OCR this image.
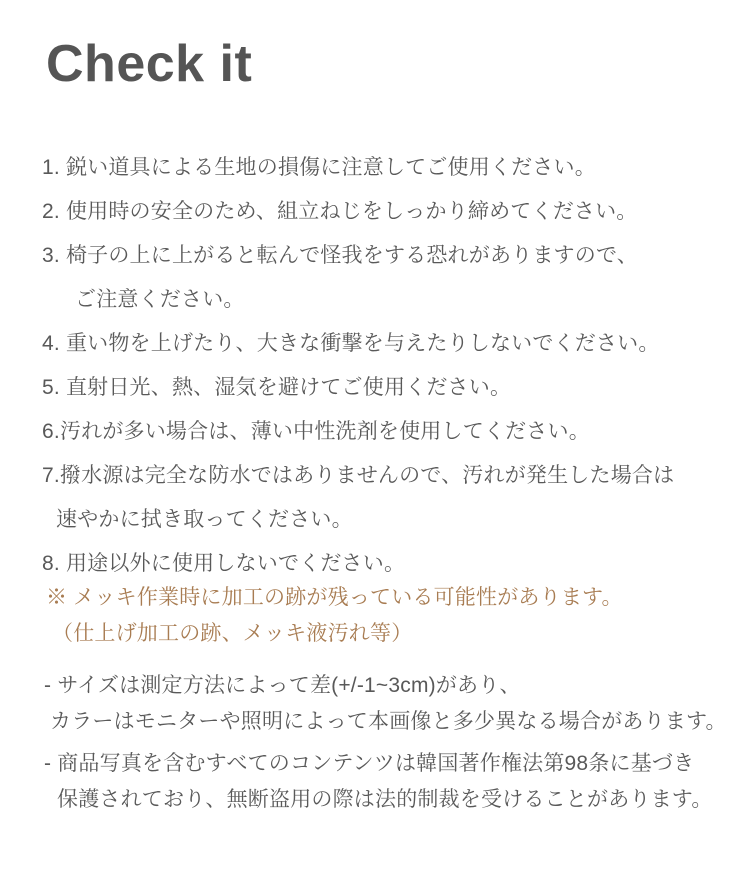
Check it
1. 鋭い道具による生地の損傷に注意してご使用ください。
2. 使用時の安全のため、組立ねじをしっかり締めてください。
3. 椅子の上に上がると転んで怪我をする恐れがありますので、
ご注意ください。
4. 重い物を上げたり、大きな衝撃を与えたりしないでください。
5. 直射日光、熱、湿気を避けてご使用ください。
6.汚れが多い場合は、薄い中性洗剤を使用してください。
7.撥水源は完全な防水ではありませんので、汚れが発生した場合は
速やかに拭き取ってください。
8. 用途以外に使用しないでください。
※ メッキ作業時に加工の跡が残っている可能性があります。
（仕上げ加工の跡、メッキ液汚れ等）
- サイズは測定方法によって差(+/-1~3cm)があり、
カラーはモニターや照明によって本画像と多少異なる場合があります。
- 商品写真を含むすべてのコンテンツは韓国著作権法第98条に基づき
保護されており、無断盗用の際は法的制裁を受けることがあります。
